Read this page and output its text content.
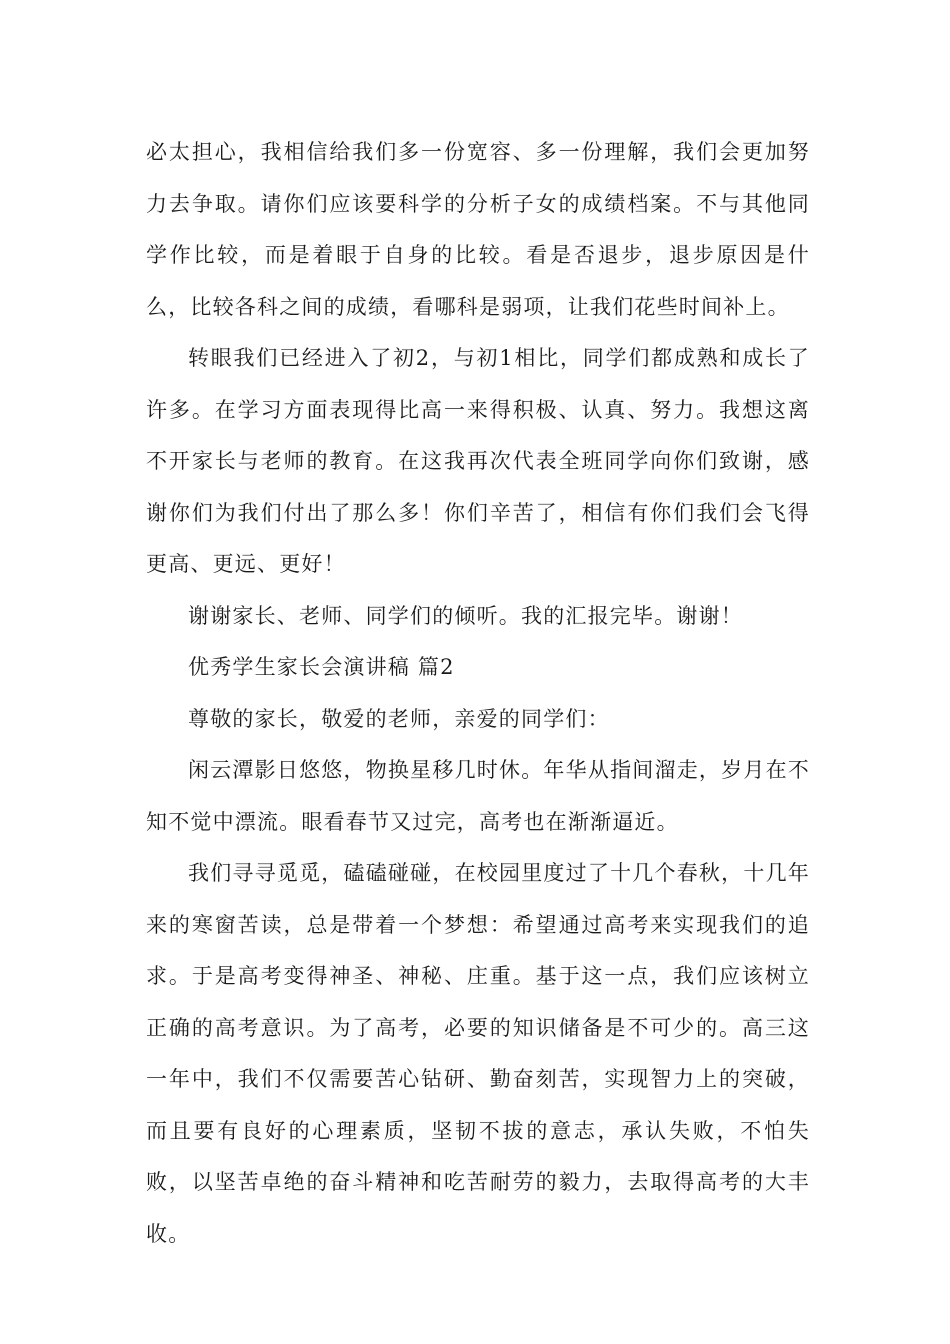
必太担心，我相信给我们多一份宽容、多一份理解，我们会更加努力去争取。请你们应该要科学的分析子女的成绩档案。不与其他同学作比较，而是着眼于自身的比较。看是否退步，退步原因是什么，比较各科之间的成绩，看哪科是弱项，让我们花些时间补上。

转眼我们已经进入了初2，与初1相比，同学们都成熟和成长了许多。在学习方面表现得比高一来得积极、认真、努力。我想这离不开家长与老师的教育。在这我再次代表全班同学向你们致谢，感谢你们为我们付出了那么多！你们辛苦了，相信有你们我们会飞得更高、更远、更好！

谢谢家长、老师、同学们的倾听。我的汇报完毕。谢谢！

优秀学生家长会演讲稿 篇2

尊敬的家长，敬爱的老师，亲爱的同学们：

闲云潭影日悠悠，物换星移几时休。年华从指间溜走，岁月在不知不觉中漂流。眼看春节又过完，高考也在渐渐逼近。

我们寻寻觅觅，磕磕碰碰，在校园里度过了十几个春秋，十几年来的寒窗苦读，总是带着一个梦想：希望通过高考来实现我们的追求。于是高考变得神圣、神秘、庄重。基于这一点，我们应该树立正确的高考意识。为了高考，必要的知识储备是不可少的。高三这一年中，我们不仅需要苦心钻研、勤奋刻苦，实现智力上的突破，而且要有良好的心理素质，坚韧不拔的意志，承认失败，不怕失败，以坚苦卓绝的奋斗精神和吃苦耐劳的毅力，去取得高考的大丰收。
